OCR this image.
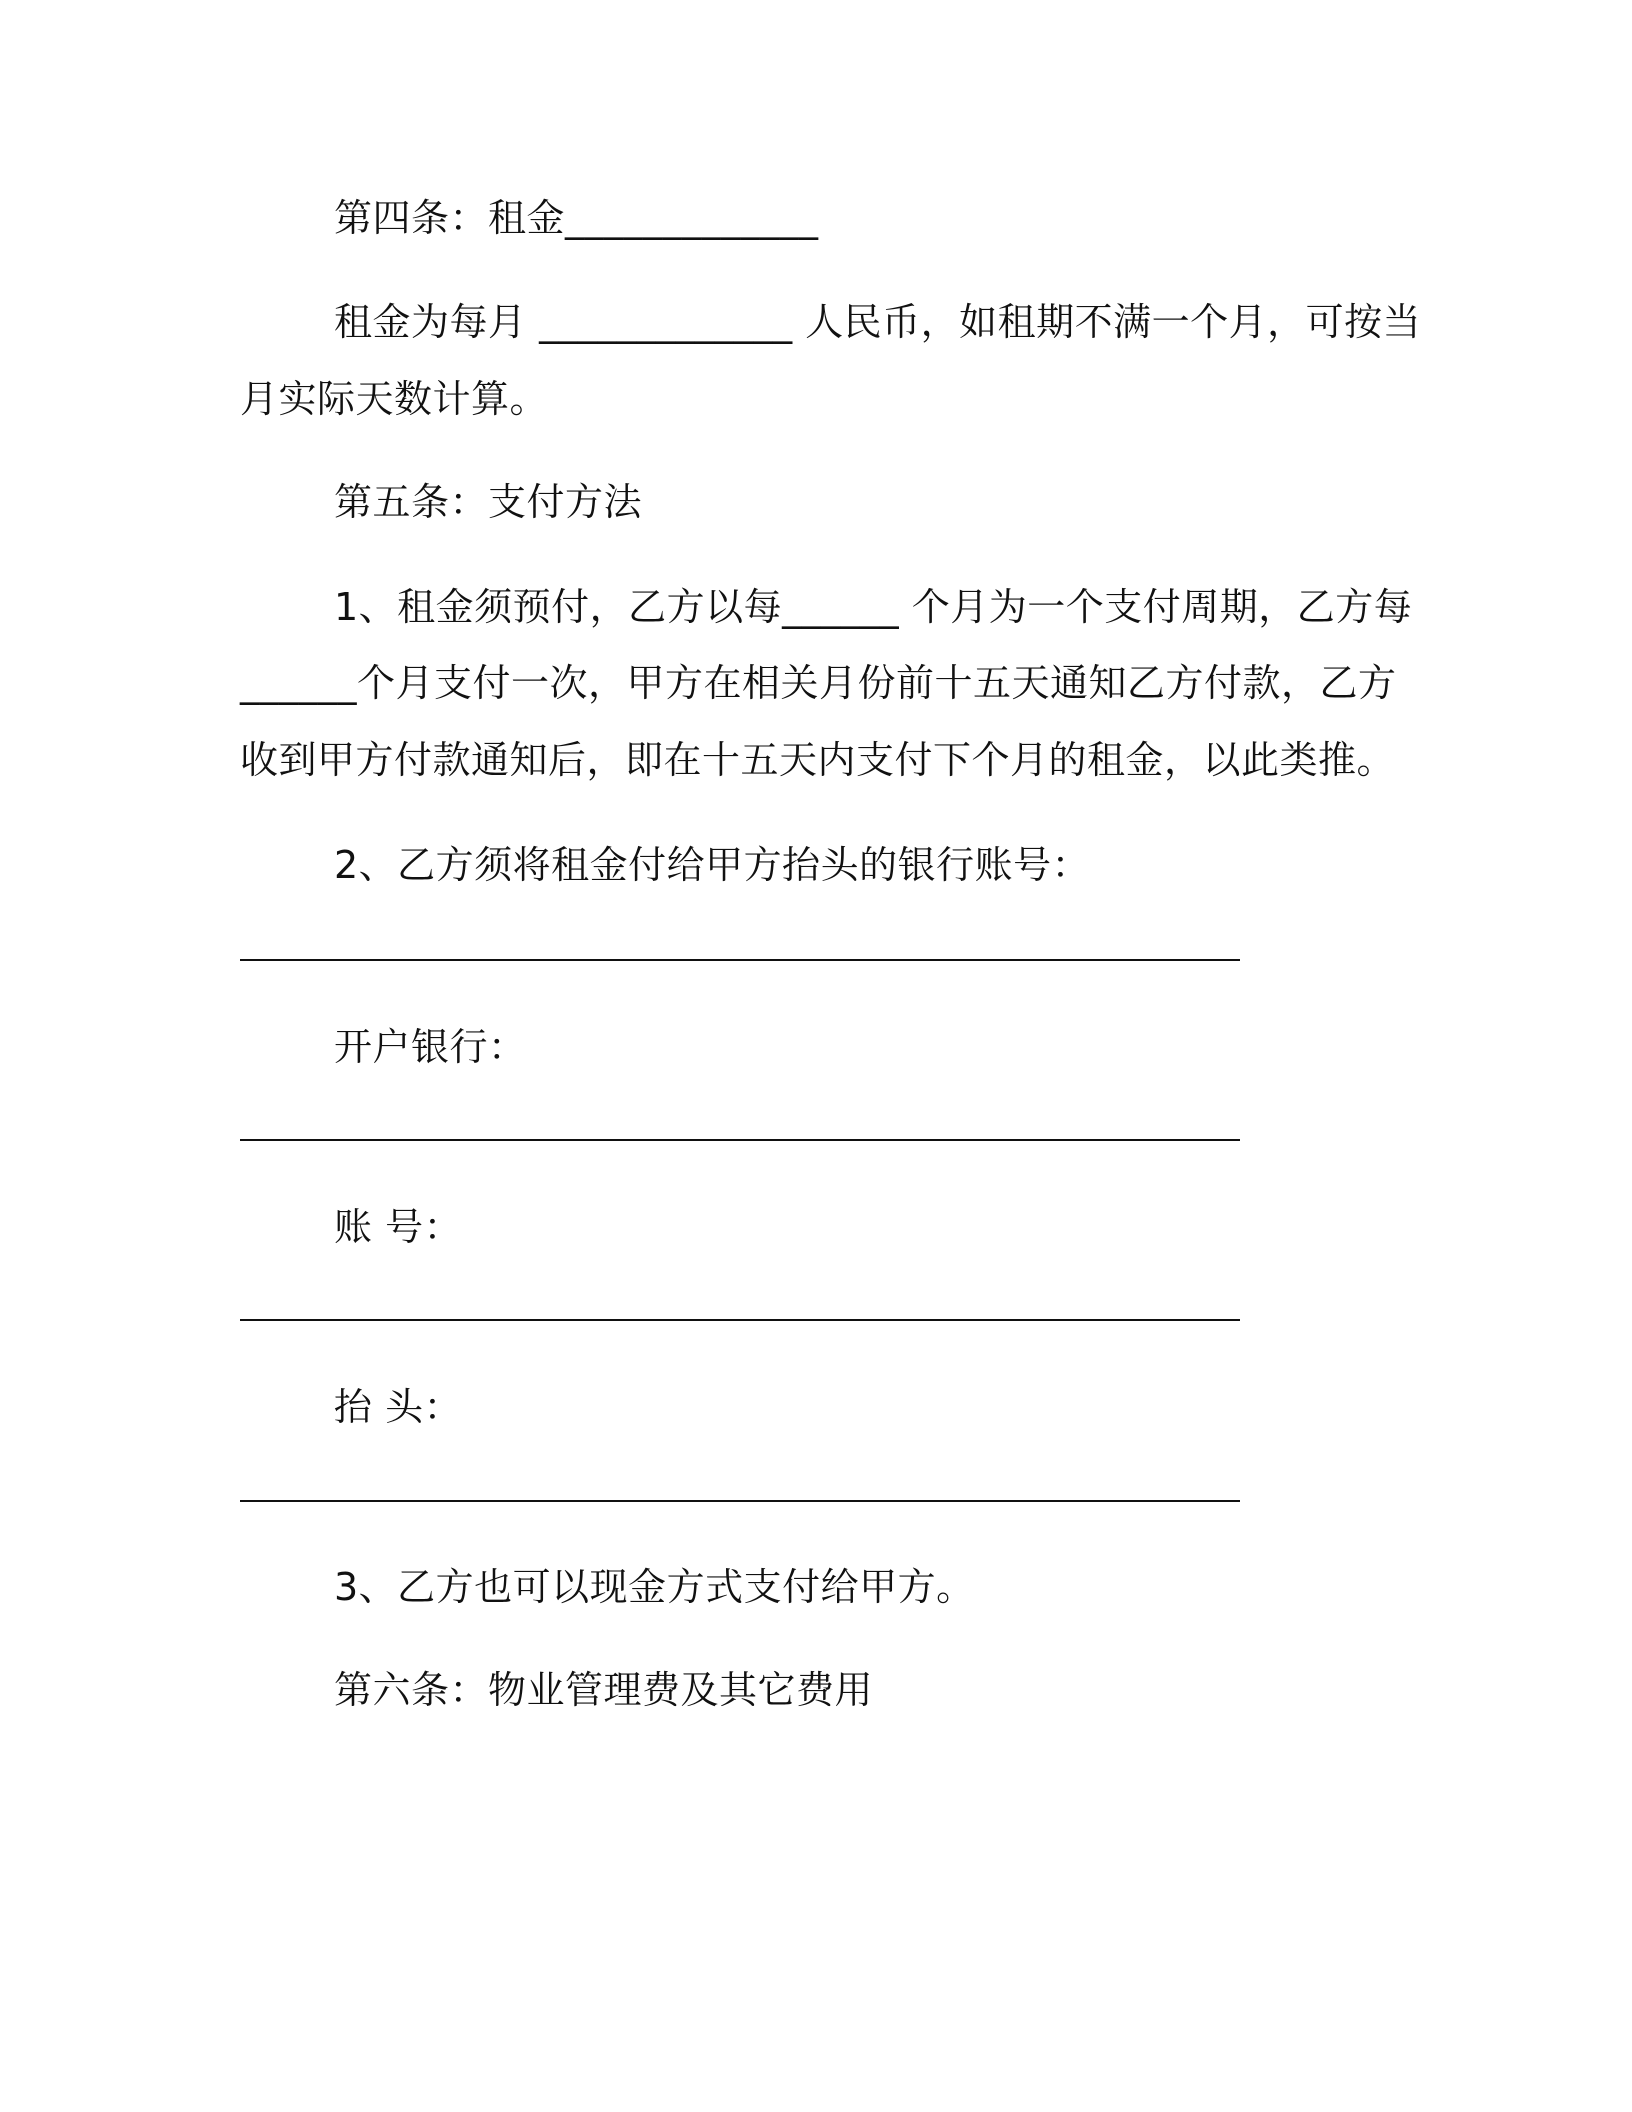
第四条：租金_____________
租金为每月 _____________ 人民币，如租期不满一个月，可按当
月实际天数计算。
第五条：支付方法
1、租金须预付，乙方以每______ 个月为一个支付周期，乙方每
______个月支付一次，甲方在相关月份前十五天通知乙方付款，乙方
收到甲方付款通知后，即在十五天内支付下个月的租金，以此类推。
2、乙方须将租金付给甲方抬头的银行账号：
开户银行：
账 号：
抬 头：
3、乙方也可以现金方式支付给甲方。
第六条：物业管理费及其它费用
